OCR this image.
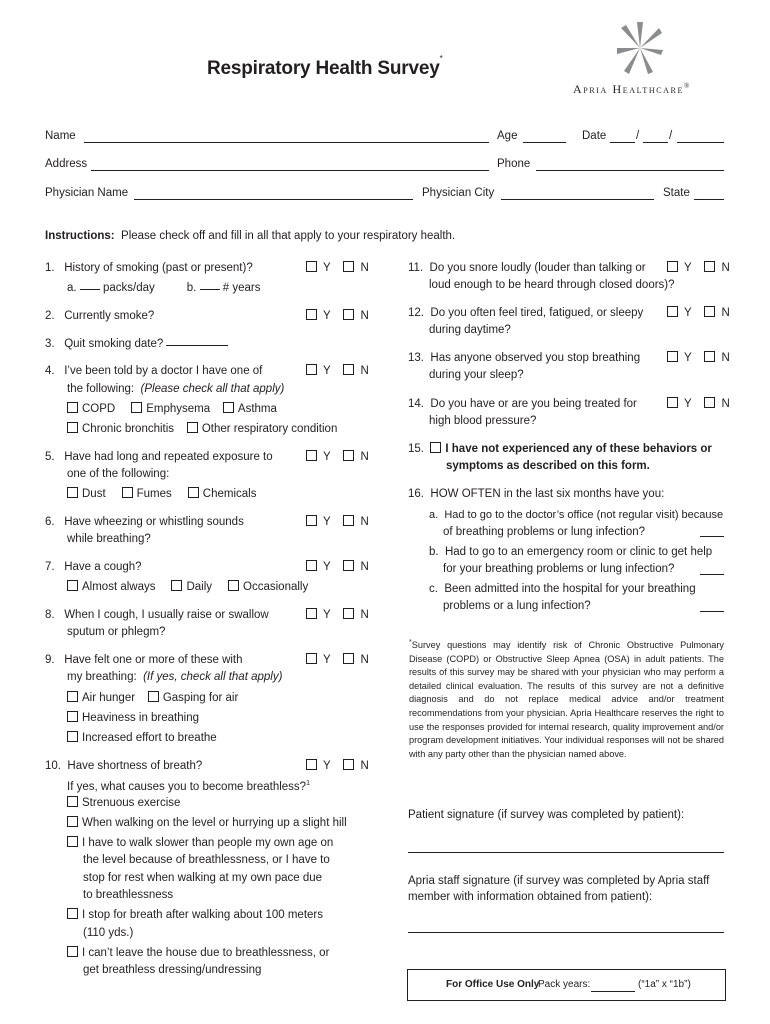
Respiratory Health Survey*
Apria Healthcare®
Name	Age	Date	/	/
Address	Phone
Physician Name	Physician City	State
Instructions: Please check off and fill in all that apply to your respiratory health.
1. History of smoking (past or present)?	Y	N
a. packs/day	b. # years
2. Currently smoke?	Y	N
3. Quit smoking date?
4. I’ve been told by a doctor I have one of
the following: (Please check all that apply)
Y	N
COPD	Emphysema Asthma
Chronic bronchitis Other respiratory condition
5. Have had long and repeated exposure to
one of the following:
Y	N
Dust	Fumes	Chemicals
6. Have wheezing or whistling sounds
while breathing?
Y	N
7. Have a cough?	Y	N
Almost always	Daily	Occasionally
8. When I cough, I usually raise or swallow
sputum or phlegm?
Y	N
9. Have felt one or more of these with
my breathing: (If yes, check all that apply)
Y	N
Air hunger Gasping for air
Heaviness in breathing
Increased effort to breathe
10. Have shortness of breath?
If yes, what causes you to become breathless?$^1$
Y	N
Strenuous exercise
When walking on the level or hurrying up a slight hill
I have to walk slower than people my own age on
the level because of breathlessness, or I have to
stop for rest when walking at my own pace due
to breathlessness
I stop for breath after walking about 100 meters
(110 yds.)
I can’t leave the house due to breathlessness, or
get breathless dressing/undressing
11. Do you snore loudly (louder than talking or
loud enough to be heard through closed doors)?
Y	N
12. Do you often feel tired, fatigued, or sleepy
during daytime?
Y	N
13. Has anyone observed you stop breathing
during your sleep?
Y	N
14. Do you have or are you being treated for
high blood pressure?
Y	N
15. I have not experienced any of these behaviors or
symptoms as described on this form.
16. HOW OFTEN in the last six months have you:
a. Had to go to the doctor’s office (not regular visit) because
of breathing problems or lung infection?
b. Had to go to an emergency room or clinic to get help
for your breathing problems or lung infection?
c. Been admitted into the hospital for your breathing
problems or a lung infection?
*Survey questions may identify risk of Chronic Obstructive Pulmonary Disease (COPD) or Obstructive Sleep Apnea (OSA) in adult patients. The results of this survey may be shared with your physician who may perform a detailed clinical evaluation. The results of this survey are not a definitive diagnosis and do not replace medical advice and/or treatment recommendations from your physician. Apria Healthcare reserves the right to use the responses provided for internal research, quality improvement and/or program development initiatives. Your individual responses will not be shared with any party other than the physician named above.
Patient signature (if survey was completed by patient):
Apria staff signature (if survey was completed by Apria staff
member with information obtained from patient):
For Office Use Only
Pack years:	(“1a” x “1b”)
